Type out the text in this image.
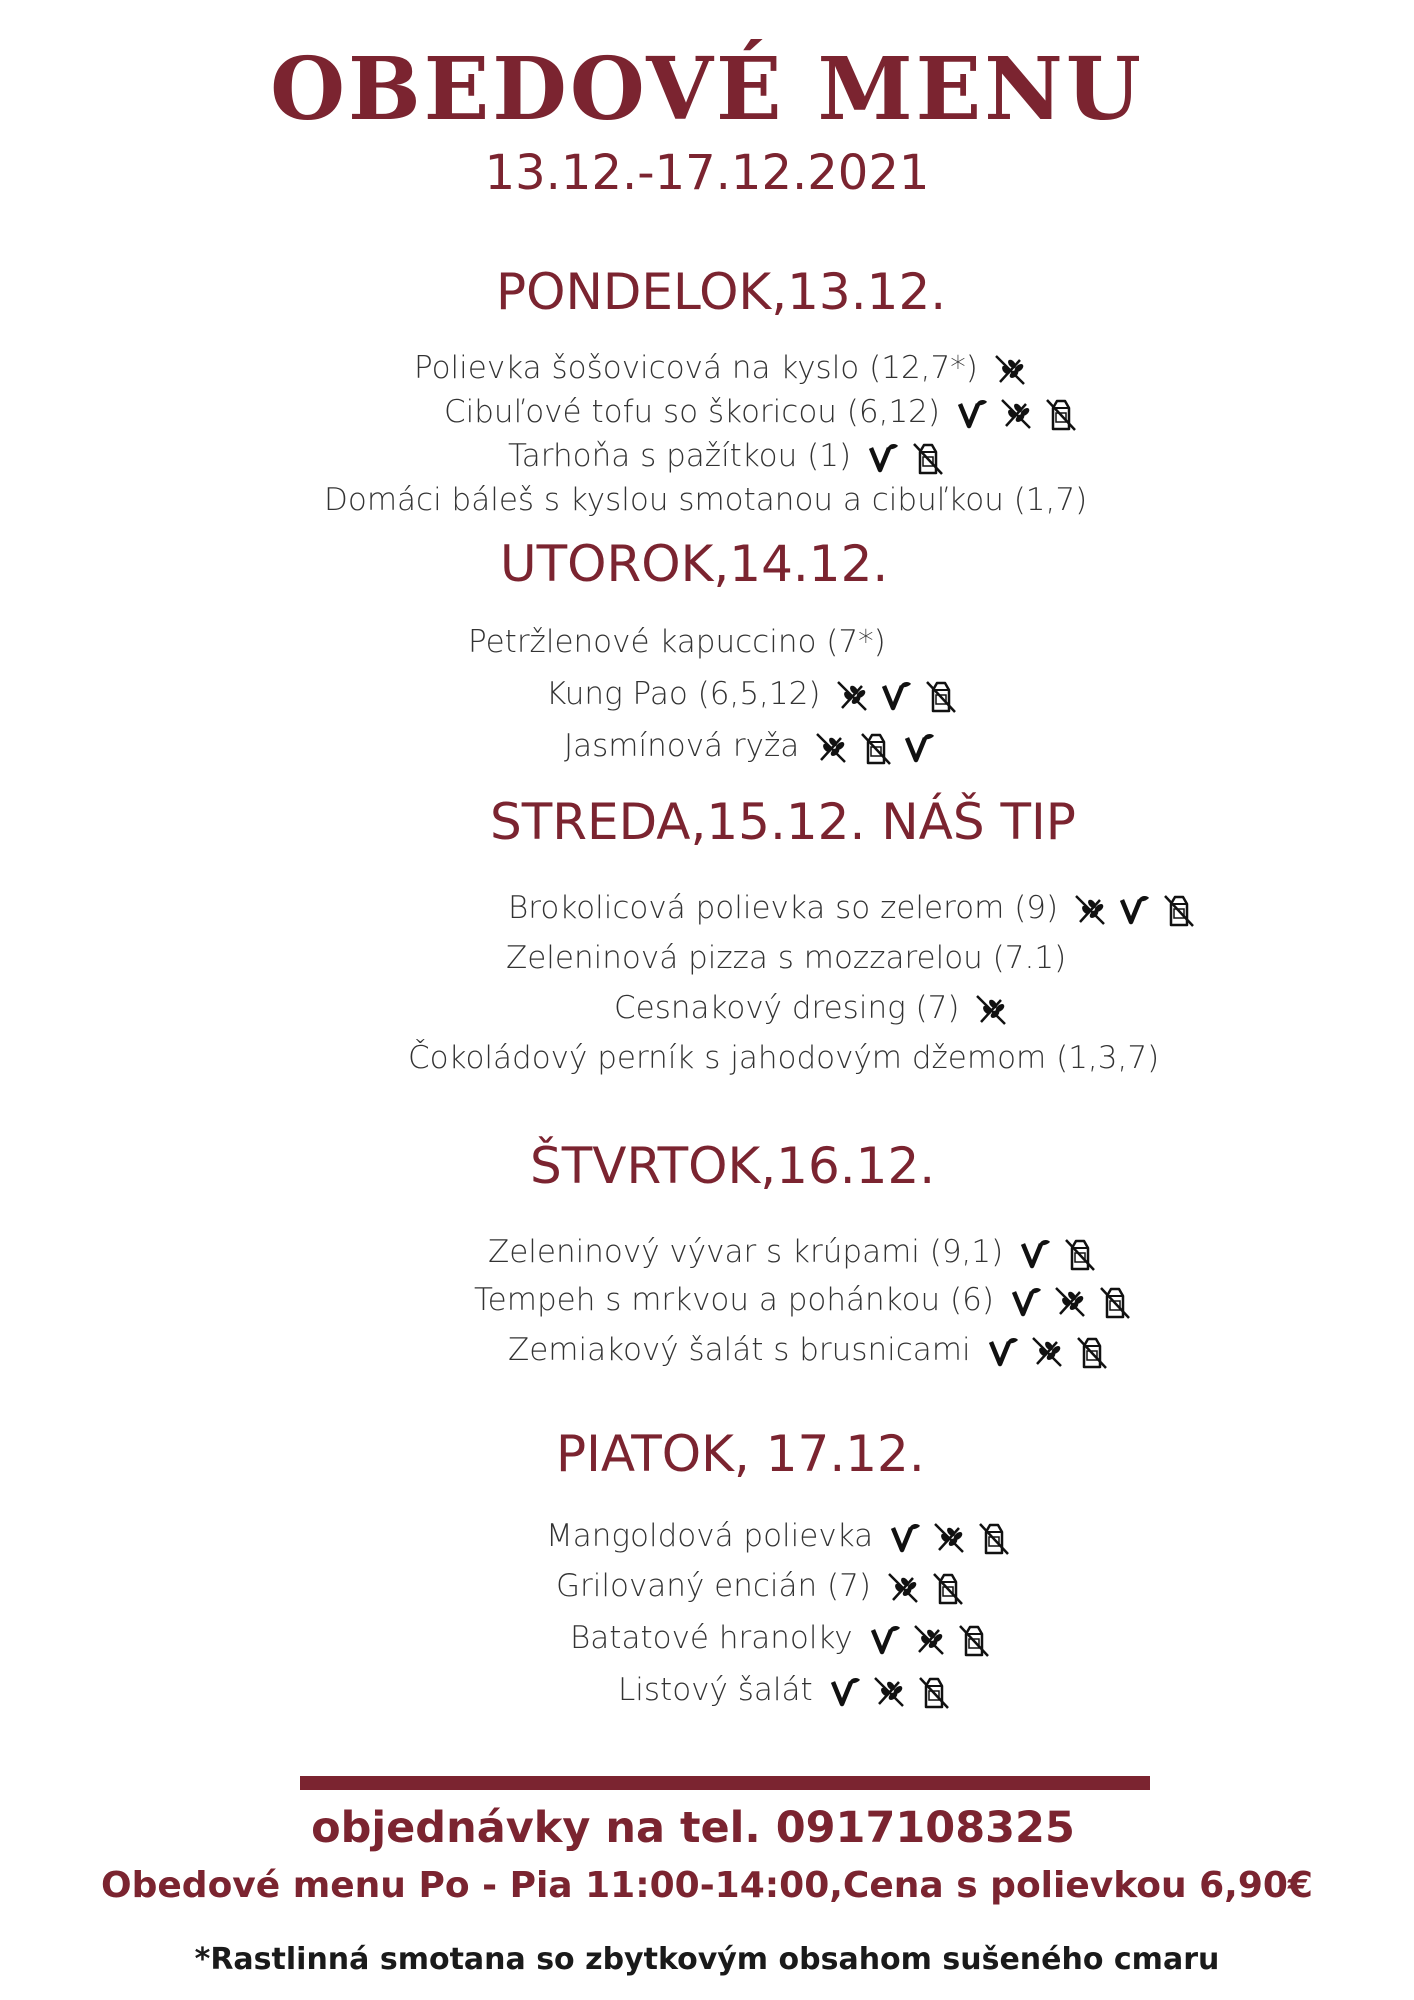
OBEDOVÉ MENU
13.12.-17.12.2021
PONDELOK,13.12.
Polievka šošovicová na kyslo (12,7*)
Cibuľové tofu so škoricou (6,12)
Tarhoňa s pažítkou (1)
Domáci báleš s kyslou smotanou a cibuľkou (1,7)
UTOROK,14.12.
Petržlenové kapuccino (7*)
Kung Pao (6,5,12)
Jasmínová ryža
STREDA,15.12. NÁŠ TIP
Brokolicová polievka so zelerom (9)
Zeleninová pizza s mozzarelou (7.1)
Cesnakový dresing (7)
Čokoládový perník s jahodovým džemom (1,3,7)
ŠTVRTOK,16.12.
Zeleninový vývar s krúpami (9,1)
Tempeh s mrkvou a pohánkou (6)
Zemiakový šalát s brusnicami
PIATOK, 17.12.
Mangoldová polievka
Grilovaný encián (7)
Batatové hranolky
Listový šalát
objednávky na tel. 0917108325
Obedové menu Po - Pia 11:00-14:00,Cena s polievkou 6,90€
*Rastlinná smotana so zbytkovým obsahom sušeného cmaru
